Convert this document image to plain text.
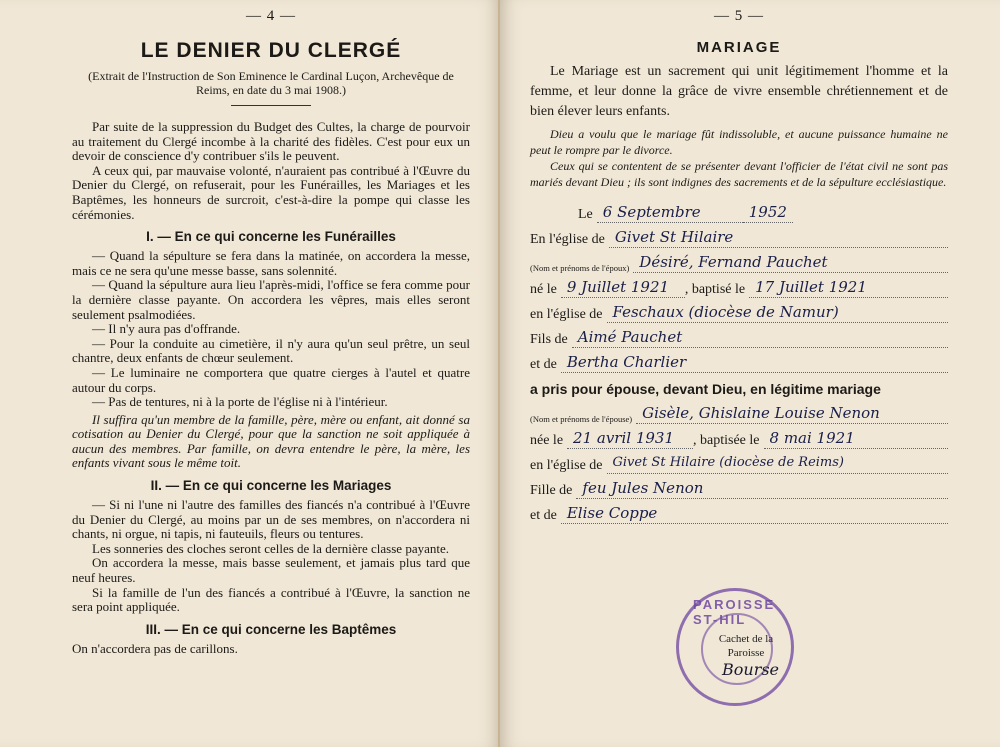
— 4 —
LE DENIER DU CLERGÉ
(Extrait de l'Instruction de Son Eminence le Cardinal Luçon, Archevêque de Reims, en date du 3 mai 1908.)

Par suite de la suppression du Budget des Cultes, la charge de pourvoir au traitement du Clergé incombe à la charité des fidèles. C'est pour eux un devoir de conscience d'y contribuer s'ils le peuvent.

A ceux qui, par mauvaise volonté, n'auraient pas contribué à l'Œuvre du Denier du Clergé, on refuserait, pour les Funérailles, les Mariages et les Baptêmes, les honneurs de surcroit, c'est-à-dire la pompe qui classe les cérémonies.

I. — En ce qui concerne les Funérailles

— Quand la sépulture se fera dans la matinée, on accordera la messe, mais ce ne sera qu'une messe basse, sans solennité.

— Quand la sépulture aura lieu l'après-midi, l'office se fera comme pour la dernière classe payante. On accordera les vêpres, mais elles seront seulement psalmodiées.

— Il n'y aura pas d'offrande.

— Pour la conduite au cimetière, il n'y aura qu'un seul prêtre, un seul chantre, deux enfants de chœur seulement.

— Le luminaire ne comportera que quatre cierges à l'autel et quatre autour du corps.

— Pas de tentures, ni à la porte de l'église ni à l'intérieur.

Il suffira qu'un membre de la famille, père, mère ou enfant, ait donné sa cotisation au Denier du Clergé, pour que la sanction ne soit appliquée à aucun des membres. Par famille, on devra entendre le père, la mère, les enfants vivant sous le même toit.

II. — En ce qui concerne les Mariages

— Si ni l'une ni l'autre des familles des fiancés n'a contribué à l'Œuvre du Denier du Clergé, au moins par un de ses membres, on n'accordera ni chants, ni orgue, ni tapis, ni fauteuils, fleurs ou tentures.

Les sonneries des cloches seront celles de la dernière classe payante.

On accordera la messe, mais basse seulement, et jamais plus tard que neuf heures.

Si la famille de l'un des fiancés a contribué à l'Œuvre, la sanction ne sera point appliquée.

III. — En ce qui concerne les Baptêmes

On n'accordera pas de carillons.

— 5 —
MARIAGE

Le Mariage est un sacrement qui unit légitimement l'homme et la femme, et leur donne la grâce de vivre ensemble chrétiennement et de bien élever leurs enfants.

Dieu a voulu que le mariage fût indissoluble, et aucune puissance humaine ne peut le rompre par le divorce.

Ceux qui se contentent de se présenter devant l'officier de l'état civil ne sont pas mariés devant Dieu ; ils sont indignes des sacrements et de la sépulture ecclésiastique.

Le 6 Septembre	1952
En l'église de Givet St Hilaire
(Nom et prénoms de l'époux) Désiré, Fernand Pauchet
né le 9 Juillet 1921	, baptisé le 17 Juillet 1921
en l'église de Feschaux (diocèse de Namur)
Fils de Aimé Pauchet
et de Bertha Charlier
a pris pour épouse, devant Dieu, en légitime mariage
(Nom et prénoms de l'épouse) Gisèle, Ghislaine Louise Nenon
née le 21 avril 1931	, baptisée le 8 mai 1921
en l'église de Givet St Hilaire (diocèse de Reims)
Fille de feu Jules Nenon
et de Elise Coppe
PAROISSE ST-HIL
Cachet de la Paroisse
Bourse
